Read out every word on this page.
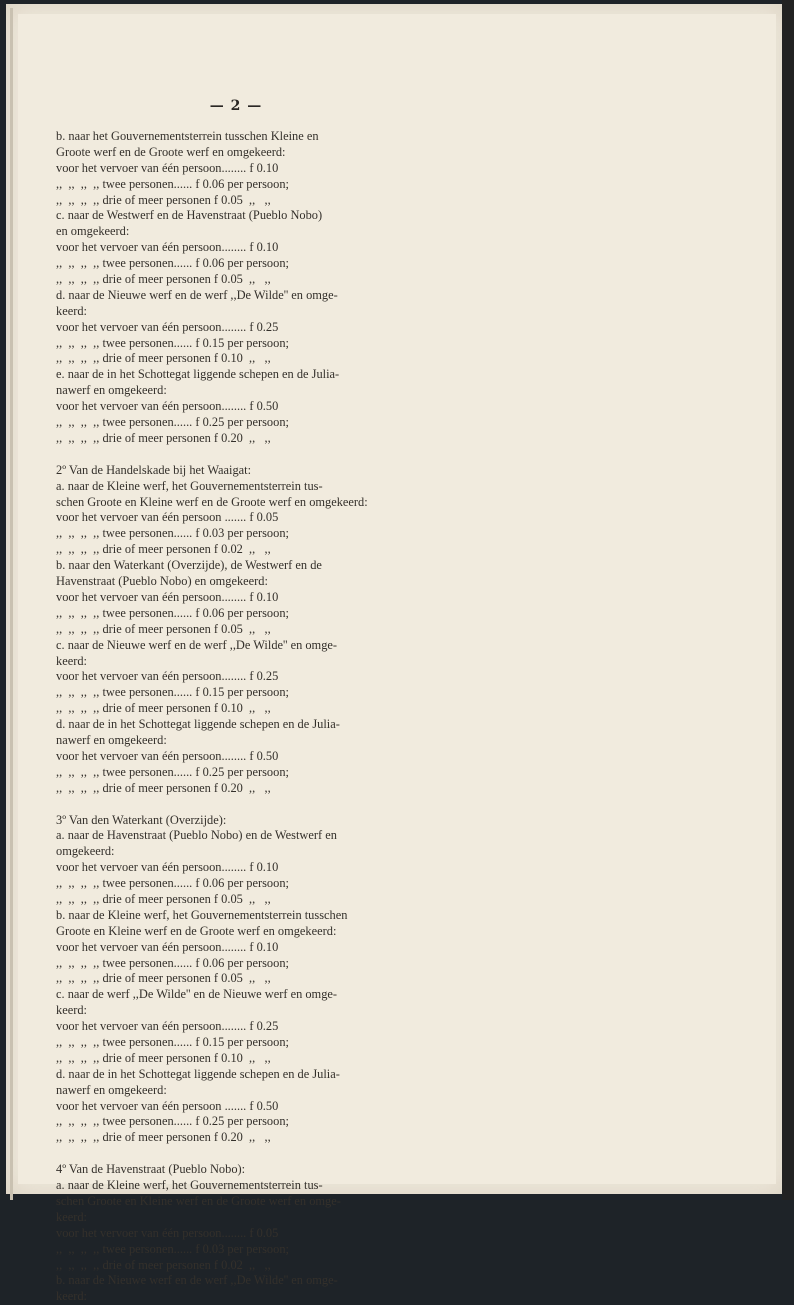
— 2 —
b. naar het Gouvernementsterrein tusschen Kleine en
Groote werf en de Groote werf en omgekeerd:
voor het vervoer van één persoon........ f 0.10
,,  ,,  ,,  ,, twee personen...... f 0.06 per persoon;
,,  ,,  ,,  ,, drie of meer personen f 0.05  ,,   ,,
c. naar de Westwerf en de Havenstraat (Pueblo Nobo)
en omgekeerd:
voor het vervoer van één persoon........ f 0.10
,,  ,,  ,,  ,, twee personen...... f 0.06 per persoon;
,,  ,,  ,,  ,, drie of meer personen f 0.05  ,,   ,,
d. naar de Nieuwe werf en de werf ,,De Wilde'' en omge-
keerd:
voor het vervoer van één persoon........ f 0.25
,,  ,,  ,,  ,, twee personen...... f 0.15 per persoon;
,,  ,,  ,,  ,, drie of meer personen f 0.10  ,,   ,,
e. naar de in het Schottegat liggende schepen en de Julia-
nawerf en omgekeerd:
voor het vervoer van één persoon........ f 0.50
,,  ,,  ,,  ,, twee personen...... f 0.25 per persoon;
,,  ,,  ,,  ,, drie of meer personen f 0.20  ,,   ,,
2º Van de Handelskade bij het Waaigat:
a. naar de Kleine werf, het Gouvernementsterrein tus-
schen Groote en Kleine werf en de Groote werf en omgekeerd:
voor het vervoer van één persoon ....... f 0.05
,,  ,,  ,,  ,, twee personen...... f 0.03 per persoon;
,,  ,,  ,,  ,, drie of meer personen f 0.02  ,,   ,,
b. naar den Waterkant (Overzijde), de Westwerf en de
Havenstraat (Pueblo Nobo) en omgekeerd:
voor het vervoer van één persoon........ f 0.10
,,  ,,  ,,  ,, twee personen...... f 0.06 per persoon;
,,  ,,  ,,  ,, drie of meer personen f 0.05  ,,   ,,
c. naar de Nieuwe werf en de werf ,,De Wilde'' en omge-
keerd:
voor het vervoer van één persoon........ f 0.25
,,  ,,  ,,  ,, twee personen...... f 0.15 per persoon;
,,  ,,  ,,  ,, drie of meer personen f 0.10  ,,   ,,
d. naar de in het Schottegat liggende schepen en de Julia-
nawerf en omgekeerd:
voor het vervoer van één persoon........ f 0.50
,,  ,,  ,,  ,, twee personen...... f 0.25 per persoon;
,,  ,,  ,,  ,, drie of meer personen f 0.20  ,,   ,,
3º Van den Waterkant (Overzijde):
a. naar de Havenstraat (Pueblo Nobo) en de Westwerf en
omgekeerd:
voor het vervoer van één persoon........ f 0.10
,,  ,,  ,,  ,, twee personen...... f 0.06 per persoon;
,,  ,,  ,,  ,, drie of meer personen f 0.05  ,,   ,,
b. naar de Kleine werf, het Gouvernementsterrein tusschen
Groote en Kleine werf en de Groote werf en omgekeerd:
voor het vervoer van één persoon........ f 0.10
,,  ,,  ,,  ,, twee personen...... f 0.06 per persoon;
,,  ,,  ,,  ,, drie of meer personen f 0.05  ,,   ,,
c. naar de werf ,,De Wilde'' en de Nieuwe werf en omge-
keerd:
voor het vervoer van één persoon........ f 0.25
,,  ,,  ,,  ,, twee personen...... f 0.15 per persoon;
,,  ,,  ,,  ,, drie of meer personen f 0.10  ,,   ,,
d. naar de in het Schottegat liggende schepen en de Julia-
nawerf en omgekeerd:
voor het vervoer van één persoon ....... f 0.50
,,  ,,  ,,  ,, twee personen...... f 0.25 per persoon;
,,  ,,  ,,  ,, drie of meer personen f 0.20  ,,   ,,
4º Van de Havenstraat (Pueblo Nobo):
a. naar de Kleine werf, het Gouvernementsterrein tus-
schen Groote en Kleine werf en de Groote werf en omge-
keerd:
voor het vervoer van één persoon........ f 0.05
,,  ,,  ,,  ,, twee personen...... f 0.03 per persoon;
,,  ,,  ,,  ,, drie of meer personen f 0.02  ,,   ,,
b. naar de Nieuwe werf en de werf ,,De Wilde'' en omge-
keerd:
